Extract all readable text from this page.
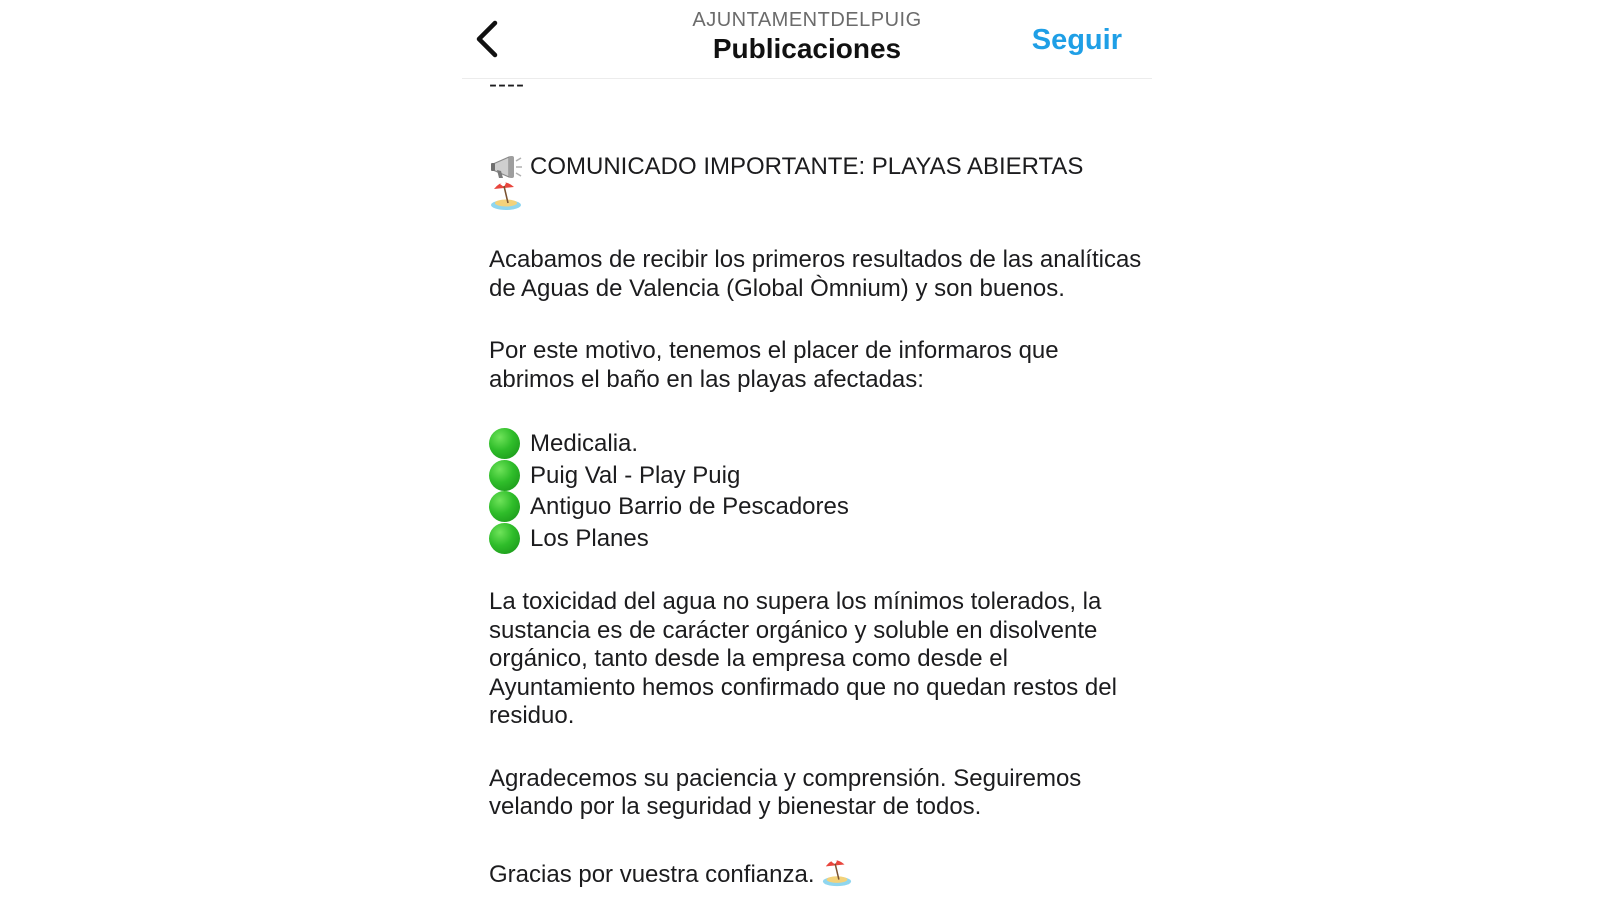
AJUNTAMENTDELPUIG
Publicaciones	Seguir

----

COMUNICADO IMPORTANTE: PLAYAS ABIERTAS

Acabamos de recibir los primeros resultados de las analíticas de Aguas de Valencia (Global Òmnium) y son buenos.

Por este motivo, tenemos el placer de informaros que abrimos el baño en las playas afectadas:

Medicalia.
Puig Val - Play Puig
Antiguo Barrio de Pescadores
Los Planes

La toxicidad del agua no supera los mínimos tolerados, la sustancia es de carácter orgánico y soluble en disolvente orgánico, tanto desde la empresa como desde el Ayuntamiento hemos confirmado que no quedan restos del residuo.

Agradecemos su paciencia y comprensión. Seguiremos velando por la seguridad y bienestar de todos.

Gracias por vuestra confianza.
